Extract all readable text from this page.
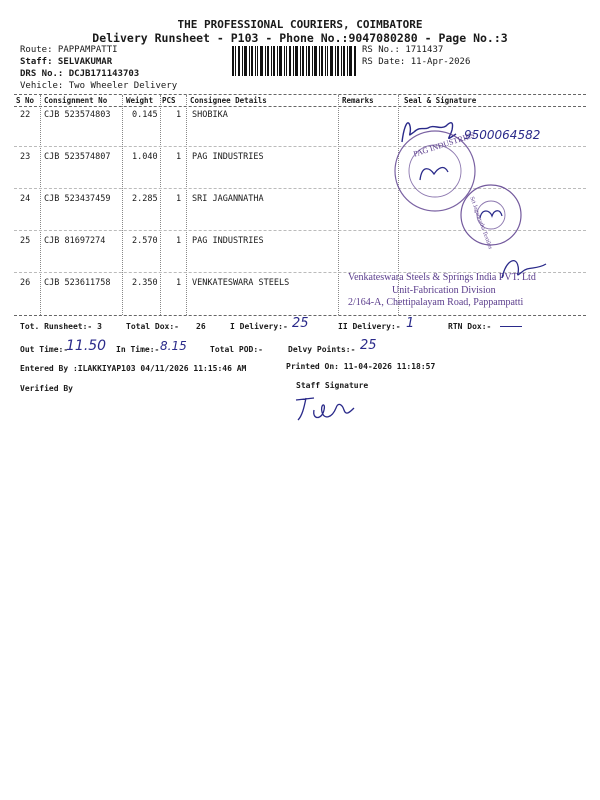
THE PROFESSIONAL COURIERS, COIMBATORE
Delivery Runsheet - P103 - Phone No.:9047080280 - Page No.:3
Route: PAPPAMPATTI
Staff: SELVAKUMAR
DRS No.: DCJB171143703
Vehicle: Two Wheeler Delivery
RS No.: 1711437
RS Date: 11-Apr-2026
S No Consignment No	Weight PCS Consignee Details	Remarks	Seal & Signature
22 CJB 523574803	0.145 1 SHOBIKA
23 CJB 523574807	1.040 1 PAG INDUSTRIES
24 CJB 523437459	2.285 1 SRI JAGANNATHA
25 CJB 81697274	2.570 1 PAG INDUSTRIES
26 CJB 523611758	2.350 1 VENKATESWARA STEELS
9500064582
PAG INDUSTRIES
Sri Jagannatha Textiles
Venkateswara Steels & Springs India PVT. Ltd
Unit-Fabrication Division
2/164-A, Chettipalayam Road, Pappampatti
Tot. Runsheet:- 3	Total Dox:- 26	I Delivery:- 25	II Delivery:- 1	RTN Dox:-
Out Time:-
11.50 In Time:- 8.15	Total POD:-	Delvy Points:- 25
Entered By :ILAKKIYAP103 04/11/2026 11:15:46 AM	Printed On: 11-04-2026 11:18:57
Verified By	Staff Signature
